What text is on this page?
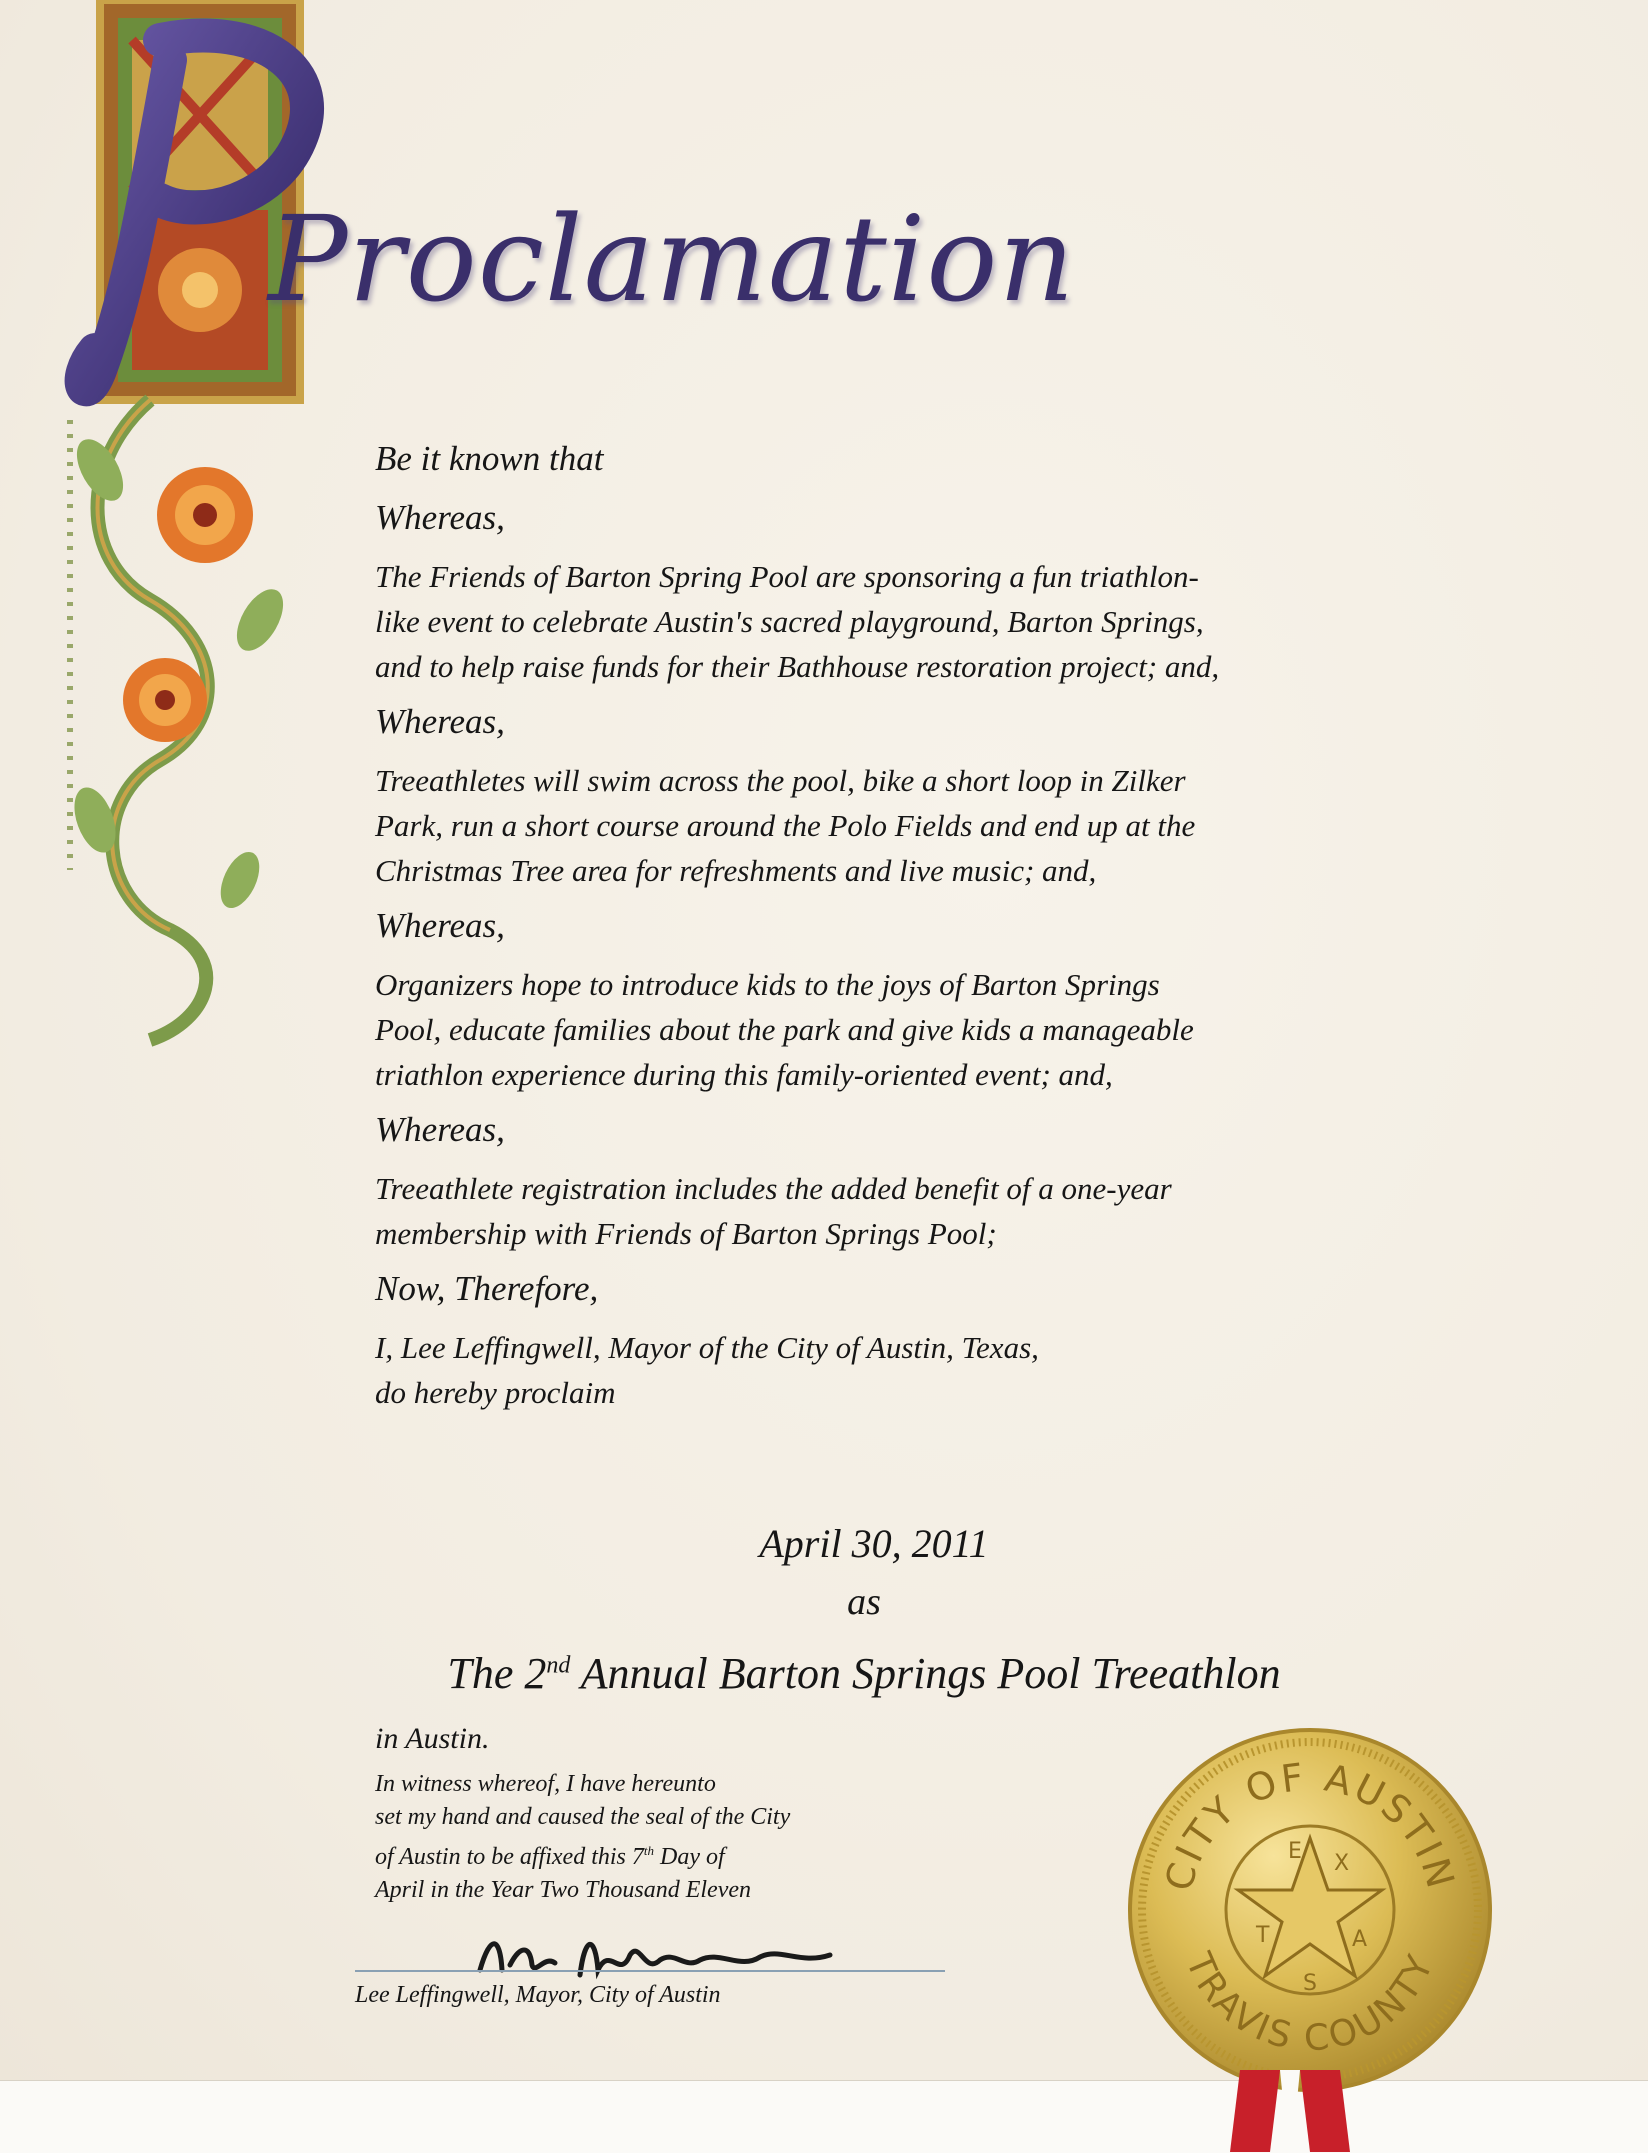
Proclamation

Be it known that

Whereas,

The Friends of Barton Spring Pool are sponsoring a fun triathlon-

like event to celebrate Austin's sacred playground, Barton Springs,

and to help raise funds for their Bathhouse restoration project; and,

Whereas,

Treeathletes will swim across the pool, bike a short loop in Zilker

Park, run a short course around the Polo Fields and end up at the

Christmas Tree area for refreshments and live music; and,

Whereas,

Organizers hope to introduce kids to the joys of Barton Springs

Pool, educate families about the park and give kids a manageable

triathlon experience during this family-oriented event; and,

Whereas,

Treeathlete registration includes the added benefit of a one-year

membership with Friends of Barton Springs Pool;

Now, Therefore,

I, Lee Leffingwell, Mayor of the City of Austin, Texas,

do hereby proclaim

April 30, 2011
as
The 2nd Annual Barton Springs Pool Treeathlon
in Austin.
In witness whereof, I have hereunto
set my hand and caused the seal of the City
of Austin to be affixed this 7th Day of
April in the Year Two Thousand Eleven
Lee Leffingwell, Mayor, City of Austin
CITY OF AUSTIN
TRAVIS COUNTY
T
E X
A
S
